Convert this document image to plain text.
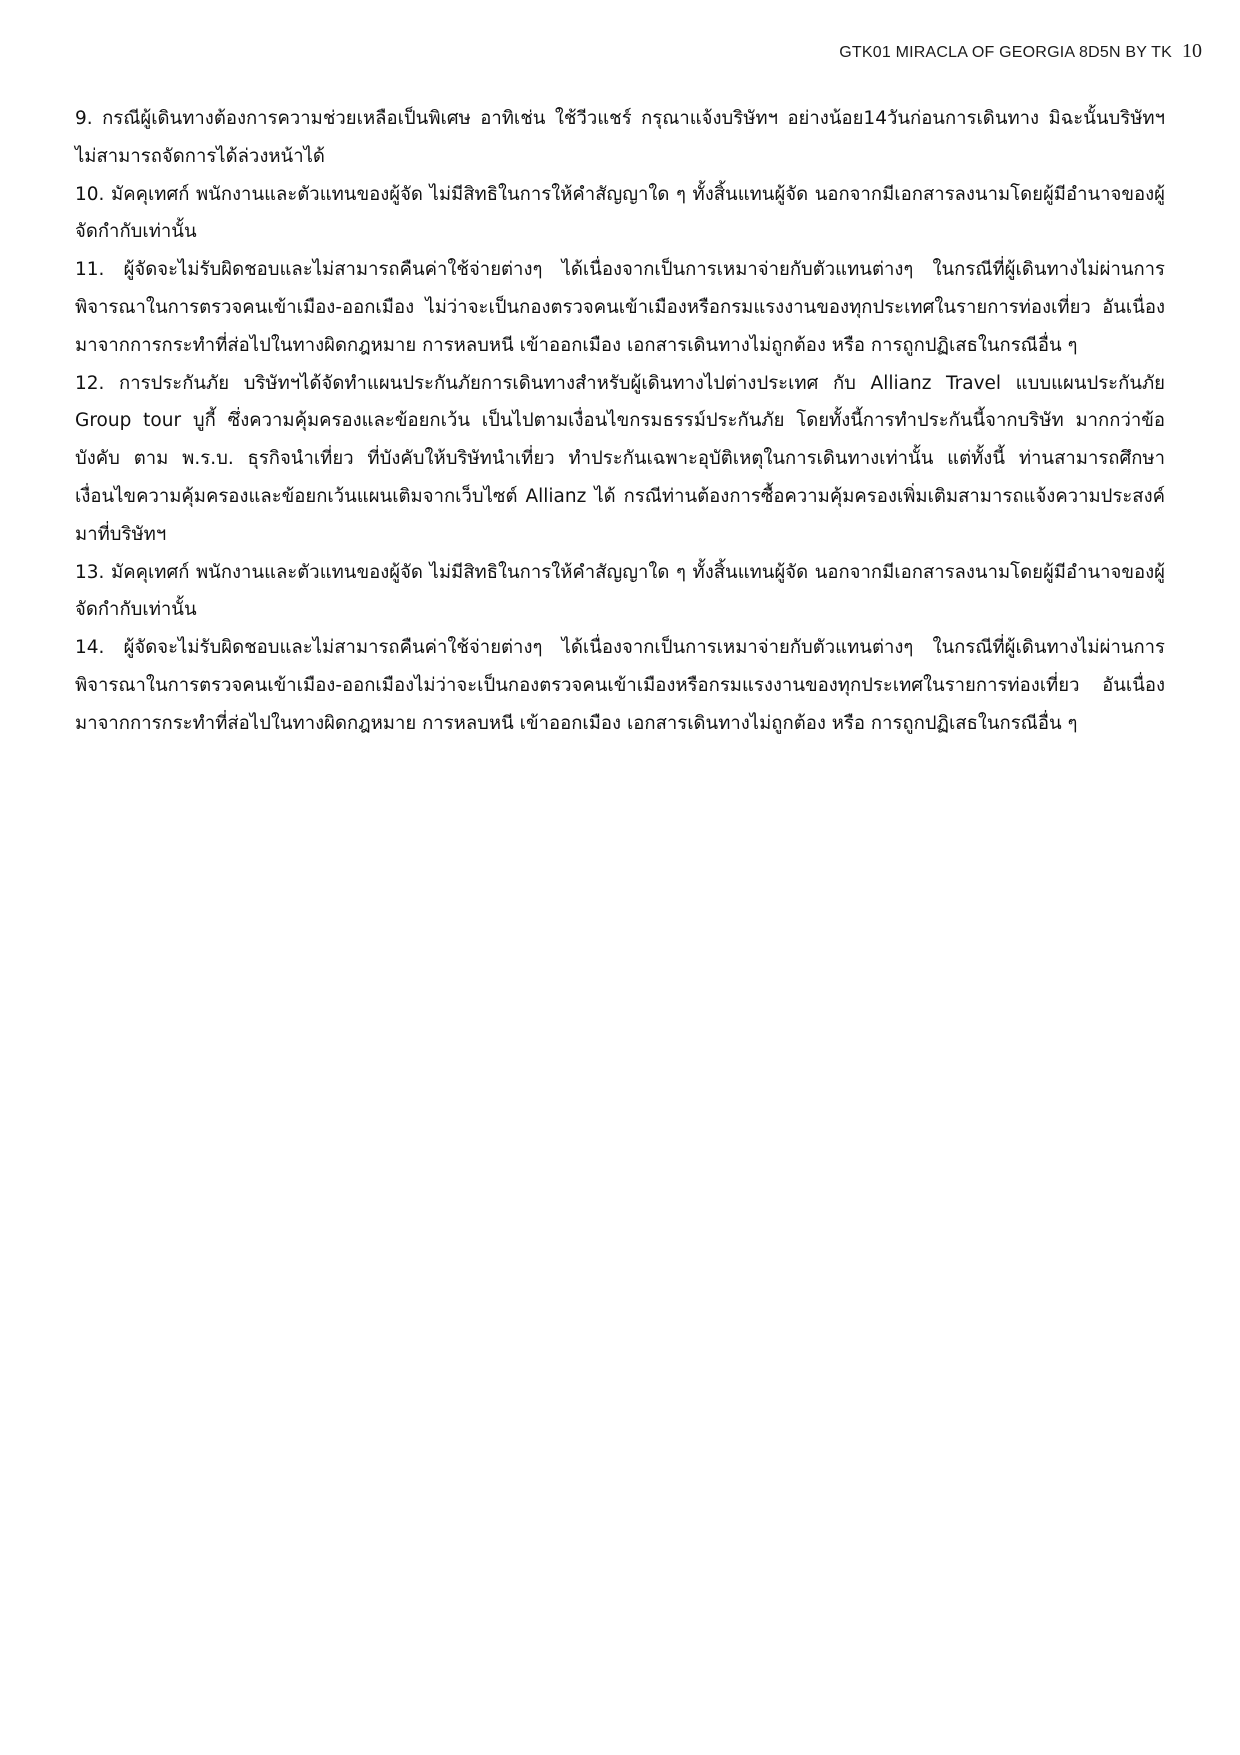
GTK01 MIRACLA OF GEORGIA 8D5N BY TK 10

9. กรณีผู้เดินทางต้องการความช่วยเหลือเป็นพิเศษ อาทิเช่น ใช้วีวแชร์ กรุณาแจ้งบริษัทฯ อย่างน้อย14วันก่อนการเดินทาง มิฉะนั้นบริษัทฯไม่สามารถจัดการได้ล่วงหน้าได้

10. มัคคุเทศก์ พนักงานและตัวแทนของผู้จัด ไม่มีสิทธิในการให้คำสัญญาใด ๆ ทั้งสิ้นแทนผู้จัด นอกจากมีเอกสารลงนามโดยผู้มีอำนาจของผู้จัดกำกับเท่านั้น

11. ผู้จัดจะไม่รับผิดชอบและไม่สามารถคืนค่าใช้จ่ายต่างๆ ได้เนื่องจากเป็นการเหมาจ่ายกับตัวแทนต่างๆ ในกรณีที่ผู้เดินทางไม่ผ่านการพิจารณาในการตรวจคนเข้าเมือง-ออกเมือง ไม่ว่าจะเป็นกองตรวจคนเข้าเมืองหรือกรมแรงงานของทุกประเทศในรายการท่องเที่ยว อันเนื่องมาจากการกระทำที่ส่อไปในทางผิดกฎหมาย การหลบหนี เข้าออกเมือง เอกสารเดินทางไม่ถูกต้อง หรือ การถูกปฏิเสธในกรณีอื่น ๆ

12. การประกันภัย บริษัทฯได้จัดทำแผนประกันภัยการเดินทางสำหรับผู้เดินทางไปต่างประเทศ กับ Allianz Travel แบบแผนประกันภัย Group tour บูกี้ ซึ่งความคุ้มครองและข้อยกเว้น เป็นไปตามเงื่อนไขกรมธรรม์ประกันภัย โดยทั้งนี้การทำประกันนี้จากบริษัท มากกว่าข้อบังคับ ตาม พ.ร.บ. ธุรกิจนำเที่ยว ที่บังคับให้บริษัทนำเที่ยว ทำประกันเฉพาะอุบัติเหตุในการเดินทางเท่านั้น แต่ทั้งนี้ ท่านสามารถศึกษาเงื่อนไขความคุ้มครองและข้อยกเว้นแผนเติมจากเว็บไซต์ Allianz ได้ กรณีท่านต้องการซื้อความคุ้มครองเพิ่มเติมสามารถแจ้งความประสงค์มาที่บริษัทฯ

13. มัคคุเทศก์ พนักงานและตัวแทนของผู้จัด ไม่มีสิทธิในการให้คำสัญญาใด ๆ ทั้งสิ้นแทนผู้จัด นอกจากมีเอกสารลงนามโดยผู้มีอำนาจของผู้จัดกำกับเท่านั้น

14. ผู้จัดจะไม่รับผิดชอบและไม่สามารถคืนค่าใช้จ่ายต่างๆ ได้เนื่องจากเป็นการเหมาจ่ายกับตัวแทนต่างๆ ในกรณีที่ผู้เดินทางไม่ผ่านการพิจารณาในการตรวจคนเข้าเมือง-ออกเมืองไม่ว่าจะเป็นกองตรวจคนเข้าเมืองหรือกรมแรงงานของทุกประเทศในรายการท่องเที่ยว อันเนื่องมาจากการกระทำที่ส่อไปในทางผิดกฎหมาย การหลบหนี เข้าออกเมือง เอกสารเดินทางไม่ถูกต้อง หรือ การถูกปฏิเสธในกรณีอื่น ๆ
